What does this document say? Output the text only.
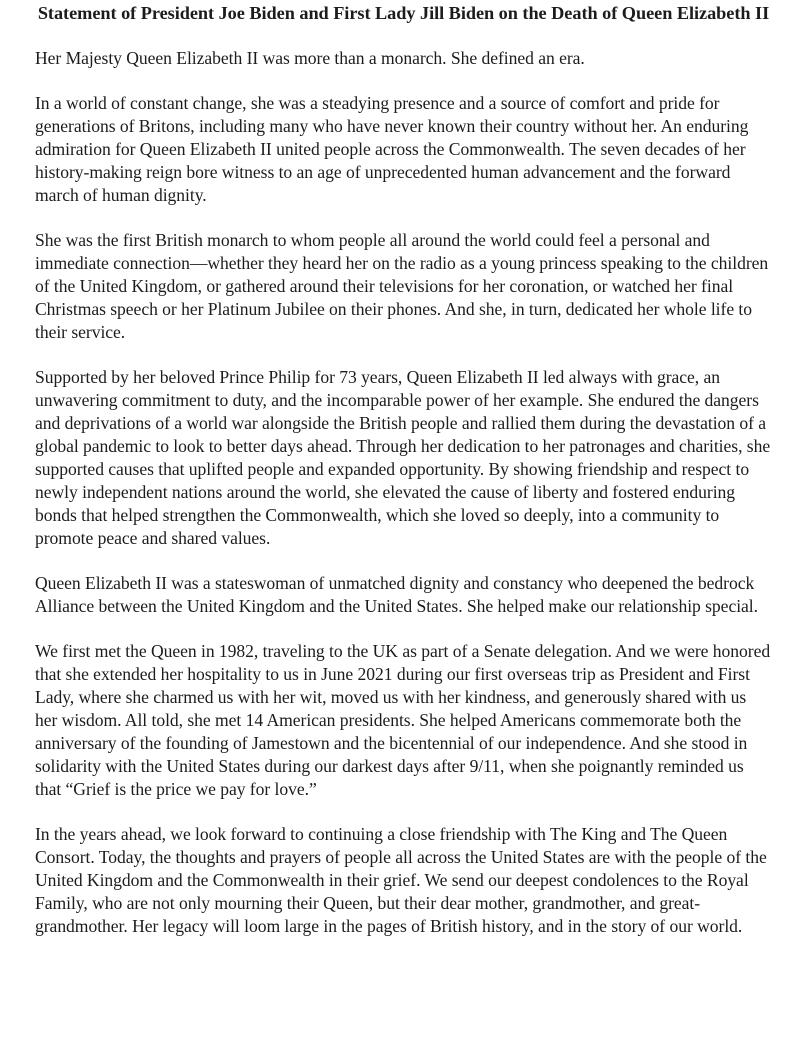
Statement of President Joe Biden and First Lady Jill Biden on the Death of Queen Elizabeth II

Her Majesty Queen Elizabeth II was more than a monarch. She defined an era.

In a world of constant change, she was a steadying presence and a source of comfort and pride for generations of Britons, including many who have never known their country without her. An enduring admiration for Queen Elizabeth II united people across the Commonwealth. The seven decades of her history-making reign bore witness to an age of unprecedented human advancement and the forward march of human dignity.

She was the first British monarch to whom people all around the world could feel a personal and immediate connection—whether they heard her on the radio as a young princess speaking to the children of the United Kingdom, or gathered around their televisions for her coronation, or watched her final Christmas speech or her Platinum Jubilee on their phones. And she, in turn, dedicated her whole life to their service.

Supported by her beloved Prince Philip for 73 years, Queen Elizabeth II led always with grace, an unwavering commitment to duty, and the incomparable power of her example. She endured the dangers and deprivations of a world war alongside the British people and rallied them during the devastation of a global pandemic to look to better days ahead. Through her dedication to her patronages and charities, she supported causes that uplifted people and expanded opportunity. By showing friendship and respect to newly independent nations around the world, she elevated the cause of liberty and fostered enduring bonds that helped strengthen the Commonwealth, which she loved so deeply, into a community to promote peace and shared values.

Queen Elizabeth II was a stateswoman of unmatched dignity and constancy who deepened the bedrock Alliance between the United Kingdom and the United States. She helped make our relationship special.

We first met the Queen in 1982, traveling to the UK as part of a Senate delegation. And we were honored that she extended her hospitality to us in June 2021 during our first overseas trip as President and First Lady, where she charmed us with her wit, moved us with her kindness, and generously shared with us her wisdom. All told, she met 14 American presidents. She helped Americans commemorate both the anniversary of the founding of Jamestown and the bicentennial of our independence. And she stood in solidarity with the United States during our darkest days after 9/11, when she poignantly reminded us that “Grief is the price we pay for love.”

In the years ahead, we look forward to continuing a close friendship with The King and The Queen Consort. Today, the thoughts and prayers of people all across the United States are with the people of the United Kingdom and the Commonwealth in their grief. We send our deepest condolences to the Royal Family, who are not only mourning their Queen, but their dear mother, grandmother, and great-grandmother. Her legacy will loom large in the pages of British history, and in the story of our world.
